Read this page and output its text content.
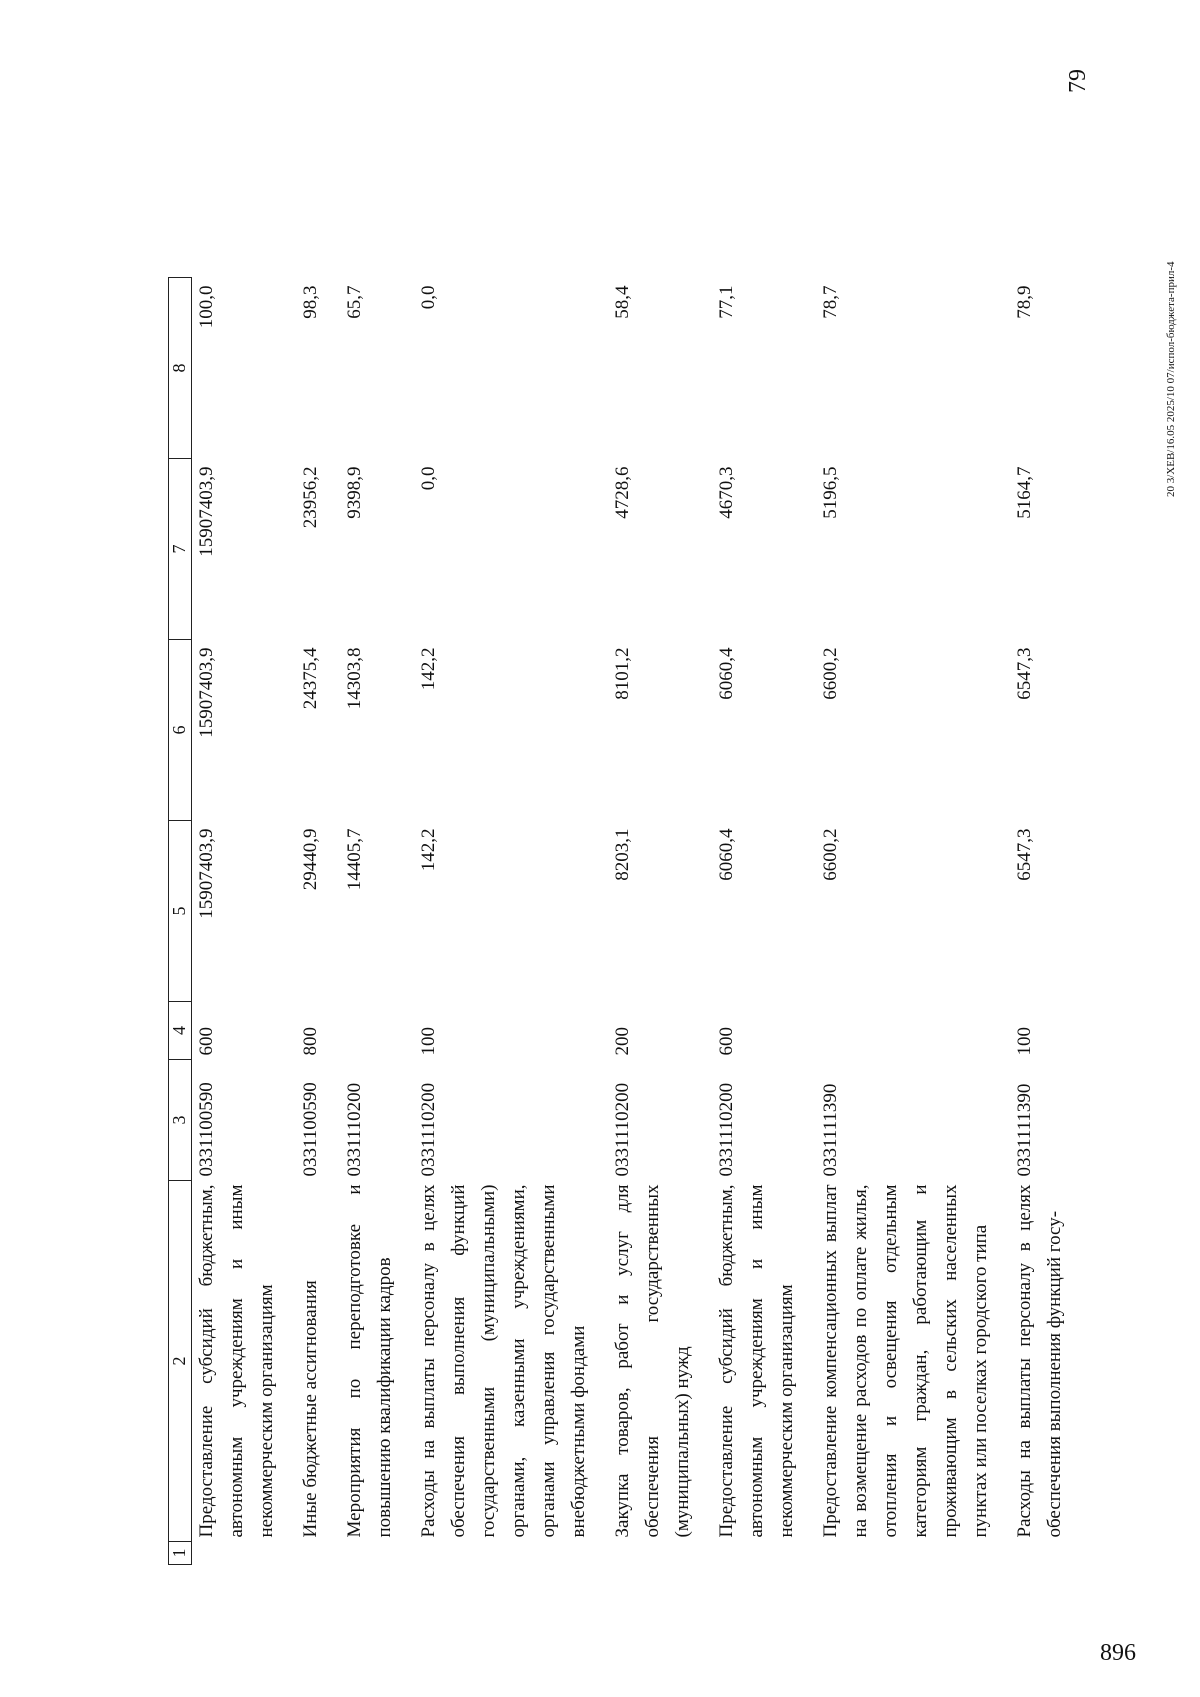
79
1	2	3	4	5	6	7	8
	Предоставление субсидий бюджетным, автономным учреждениям и иным некоммерческим организациям	0331100590	600	15907403,9	15907403,9	15907403,9	100,0
	Иные бюджетные ассигнования	0331100590	800	29440,9	24375,4	23956,2	98,3
	Мероприятия по переподготовке и повышению квалификации кадров	0331110200		14405,7	14303,8	9398,9	65,7
	Расходы на выплаты персоналу в целях обеспечения выполнения функций государственными (муниципальными) органами, казенными учреждениями, органами управления государственными внебюджетными фондами	0331110200	100	142,2	142,2	0,0	0,0
	Закупка товаров, работ и услуг для обеспечения государственных (муниципальных) нужд	0331110200	200	8203,1	8101,2	4728,6	58,4
	Предоставление субсидий бюджетным, автономным учреждениям и иным некоммерческим организациям	0331110200	600	6060,4	6060,4	4670,3	77,1
	Предоставление компенсационных выплат на возмещение расходов по оплате жилья, отопления и освещения отдельным категориям граждан, работающим и проживающим в сельских населенных пунктах или поселках городского типа	0331111390		6600,2	6600,2	5196,5	78,7
	Расходы на выплаты персоналу в целях обеспечения выполнения функций госу-	0331111390	100	6547,3	6547,3	5164,7	78,9	20 3/ХЕВ/16.05 2025/10 07/испол-бюджета-прил-4
896
